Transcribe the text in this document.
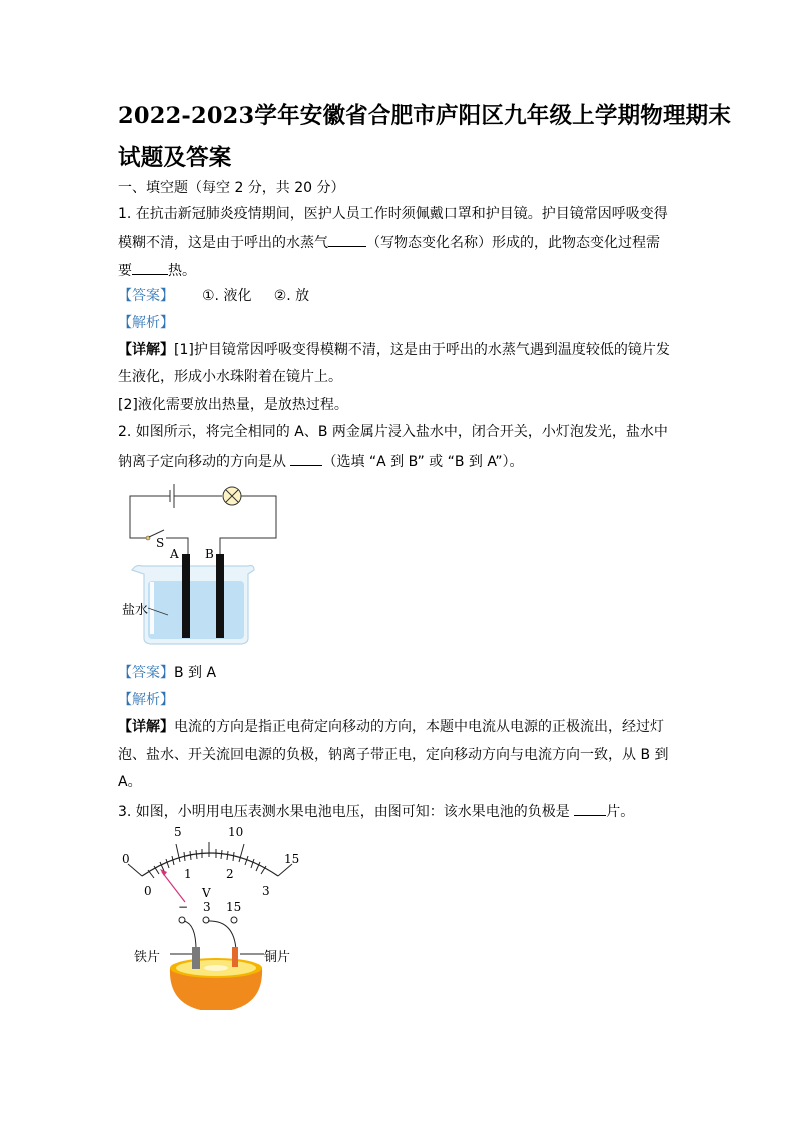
2022-2023学年安徽省合肥市庐阳区九年级上学期物理期末
试题及答案
一、填空题（每空 2 分，共 20 分）
1. 在抗击新冠肺炎疫情期间，医护人员工作时须佩戴口罩和护目镜。护目镜常因呼吸变得
模糊不清，这是由于呼出的水蒸气	（写物态变化名称）形成的，此物态变化过程需
要	热。
【答案】 ①. 液化     ②. 放
【解析】
【详解】[1]护目镜常因呼吸变得模糊不清，这是由于呼出的水蒸气遇到温度较低的镜片发
生液化，形成小水珠附着在镜片上。
[2]液化需要放出热量，是放热过程。
2. 如图所示，将完全相同的 A、B 两金属片浸入盐水中，闭合开关，小灯泡发光，盐水中
钠离子定向移动的方向是从 （选填 “A 到 B” 或 “B 到 A”）。
S
A B
盐水
【答案】B 到 A
【解析】
【详解】电流的方向是指正电荷定向移动的方向，本题中电流从电源的正极流出，经过灯
泡、盐水、开关流回电源的负极，钠离子带正电，定向移动方向与电流方向一致，从 B 到
A。
3. 如图，小明用电压表测水果电池电压，由图可知：该水果电池的负极是 片。
0
5	10
15
0
1	2
3
V
− 3 15
铁片	铜片
